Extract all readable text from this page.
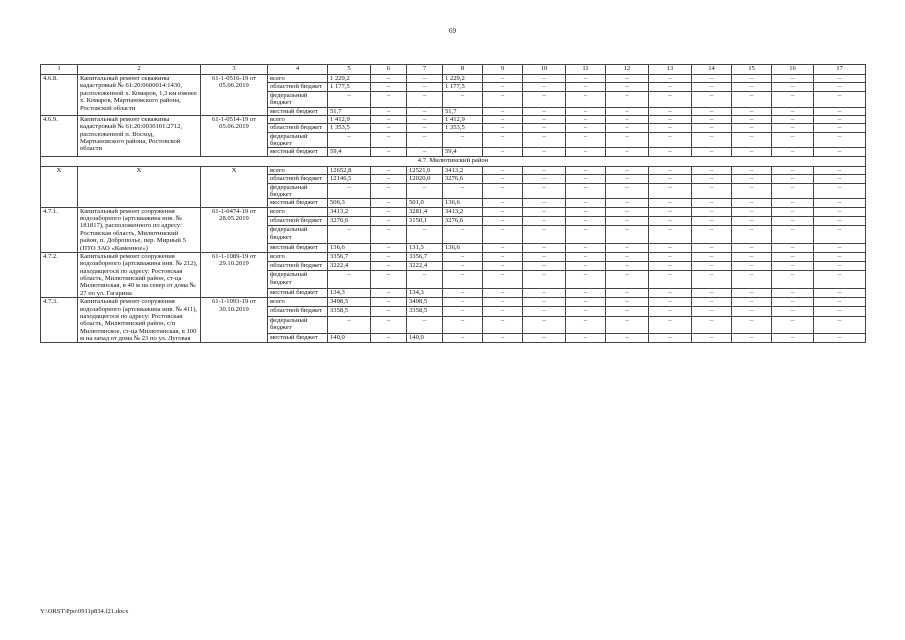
69
1	2	3	4	5	6	7	8	9	10	11	12	13	14	15	16	17
4.6.8.	Капитальный ремонт скважины кадастровый № 61:20:0600014:1430, расположенной х. Комаров, 1,3 км южнее х. Комаров, Мартыновского района, Ростовской области	61-1-0516-19 от 05.06.2019	всего	1 229,2	–	–	1 229,2	–	–	–	–	–	–	–	–	–
			областной бюджет	1 177,5	–	–	1 177,5	–	–	–	–	–	–	–	–	–
			федеральный бюджет	–	–	–	–	–	–	–	–	–	–	–	–	–
			местный бюджет	51,7	–	–	51,7	–	–	–	–	–	–	–	–	–
4.6.9.	Капитальный ремонт скважины кадастровый № 61:20:0030101:2712, расположенной п. Восход, Мартыновского района, Ростовской области	61-1-0514-19 от 05.06.2019	всего	1 412,9	–	–	1 412,9	–	–	–	–	–	–	–	–	–
			областной бюджет	1 353,5	–	–	1 353,5	–	–	–	–	–	–	–	–	–
			федеральный бюджет	–	–	–	–	–	–	–	–	–	–	–	–	–
			местный бюджет	59,4	–	–	59,4	–	–	–	–	–	–	–	–	–
4.7. Милютинский район																
Х	Х	Х	всего	12652,8	–	12521,0	3413,2	–	–	–	–	–	–	–	–	–
			областной бюджет	12146,5	–	12020,0	3276,6	–	–	–	–	–	–	–	–	–
			федеральный бюджет	–	–	–	–	–	–	–	–	–	–	–	–	–
			местный бюджет	506,3	–	501,0	136,6	–	–	–	–	–	–	–	–	–
4.7.1.	Капитальный ремонт сооружения водозаборного (артскважина инв. № 181817), расположенного по адресу: Ростовская область, Милютинский район, п. Доброполье, пер. Мирный 5 (ПТО ЗАО «Каменное»)	61-1-0474-19 от 28.05.2019	всего	3413,2	–	3281,4	3413,2	–	–	–	–	–	–	–	–	–
			областной бюджет	3276,6	–	3150,1	3276,6	–	–	–	–	–	–	–	–	–
			федеральный бюджет	–	–	–	–	–	–	–	–	–	–	–	–	–
			местный бюджет	136,6	–	131,3	136,6	–	–	–	–	–	–	–	–	–
4.7.2.	Капитальный ремонт сооружения водозаборного (артскважина инв. № 212), находящегося по адресу: Ростовская область, Милютинский район, ст-ца Милютинская, в 40 м на север от дома № 27 по ул. Гагарина	61-1-1089-19 от 29.10.2019	всего	3356,7	–	3356,7	–	–	–	–	–	–	–	–	–	–
			областной бюджет	3222,4	–	3222,4	–	–	–	–	–	–	–	–	–	–
			федеральный бюджет	–	–	–	–	–	–	–	–	–	–	–	–	–
			местный бюджет	134,3	–	134,3	–	–	–	–	–	–	–	–	–	–
4.7.3.	Капитальный ремонт сооружения водозаборного (артскважина инв. № 411), находящегося по адресу: Ростовская область, Милютинский район, с/п Милютинское, ст-ца Милютинская, в 100 м на запад от дома № 23 по ул. Луговая	61-1-1093-19 от 30.10.2019	всего	3498,5	–	3498,5	–	–	–	–	–	–	–	–	–	–
			областной бюджет	3358,5	–	3358,5	–	–	–	–	–	–	–	–	–	–
			федеральный бюджет	–	–	–	–	–	–	–	–	–	–	–	–	–
			местный бюджет	140,0	–	140,0	–	–	–	–	–	–	–	–	–	–
Y:\ORST\Ppo\0911p834.f21.docx
